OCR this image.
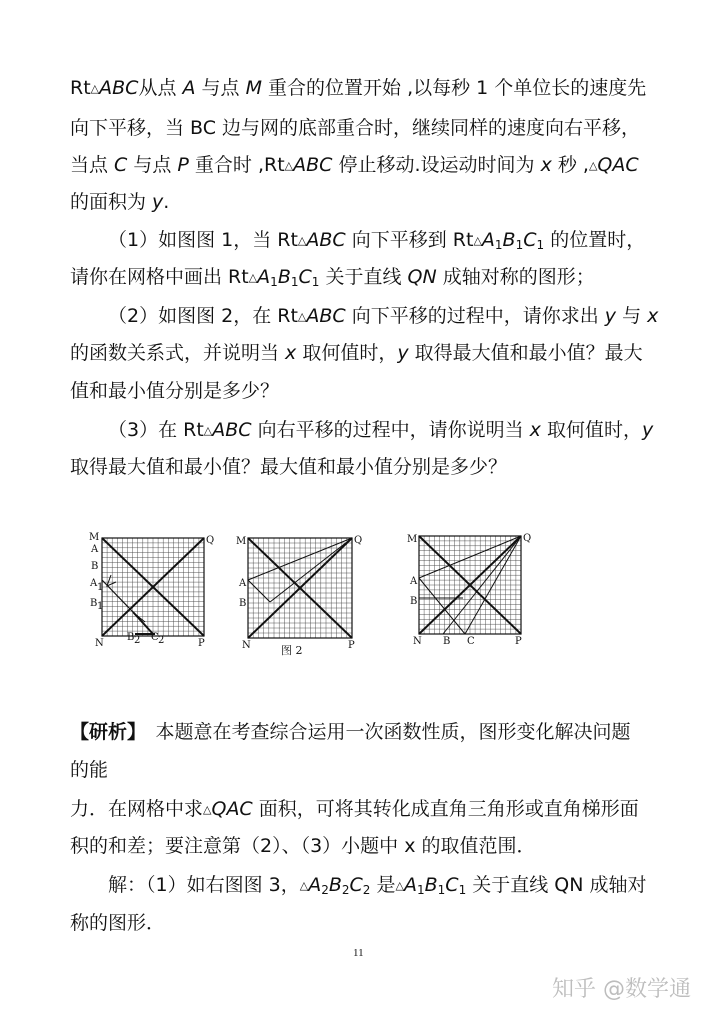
Rt△ABC从点 A 与点 M 重合的位置开始 ,以每秒 1 个单位长的速度先
向下平移，当 BC 边与网的底部重合时，继续同样的速度向右平移，
当点 C 与点 P 重合时 ,Rt△ABC 停止移动.设运动时间为 x 秒 ,△QAC
的面积为 y.
（1）如图图 1，当 Rt△ABC 向下平移到 $Rt\triangle A_1B_1C_1$ 的位置时，
请你在网格中画出 $Rt\triangle A_1B_1C_1$ 关于直线 QN 成轴对称的图形；
（2）如图图 2，在 Rt△ABC 向下平移的过程中，请你求出 y 与 x
的函数关系式，并说明当 x 取何值时，y 取得最大值和最小值？最大
值和最小值分别是多少？
（3）在 Rt△ABC 向右平移的过程中，请你说明当 x 取何值时，y
取得最大值和最小值？最大值和最小值分别是多少？
M
A
B
A 1
B 1
Q
N
B 2 C 2	P
M	Q
A
B
N	P
图 2
M	Q
A
B
N B C	P
【研析】　本题意在考查综合运用一次函数性质，图形变化解决问题
的能
力．在网格中求△QAC 面积，可将其转化成直角三角形或直角梯形面
积的和差；要注意第（2）、（3）小题中 x 的取值范围．
解：（1）如右图图 3，$\triangle A_2B_2C_2$ 是$\triangle A_1B_1C_1$ 关于直线 QN 成轴对
称的图形．
11
知乎 @数学通
